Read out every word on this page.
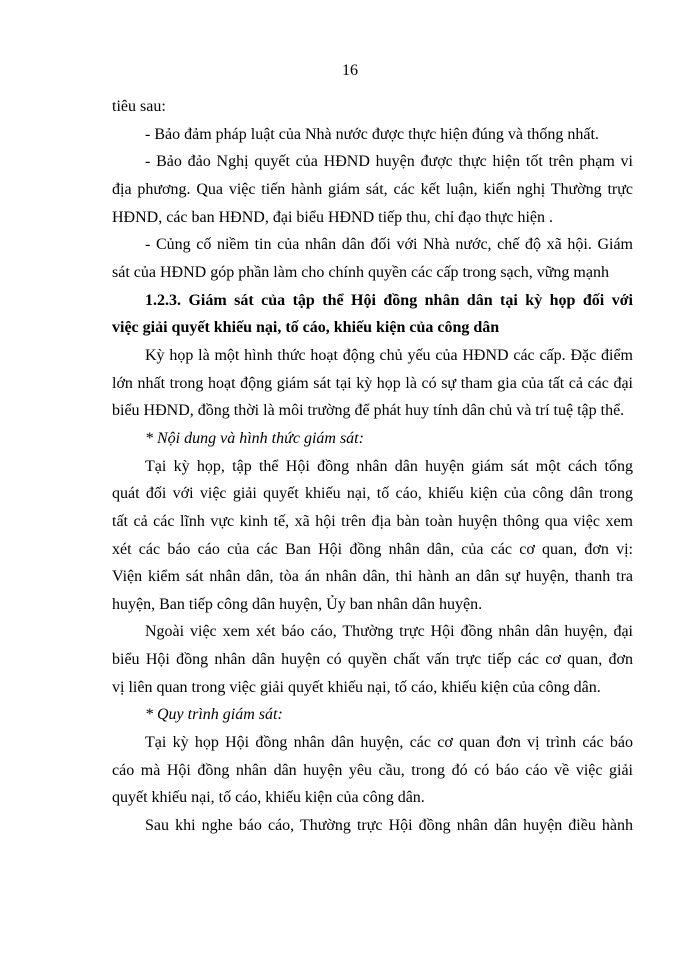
16
tiêu sau:
- Bảo đảm pháp luật của Nhà nước được thực hiện đúng và thống nhất.
- Bảo đảo Nghị quyết của HĐND huyện được thực hiện tốt trên phạm vi
địa phương. Qua việc tiến hành giám sát, các kết luận, kiến nghị Thường trực
HĐND, các ban HĐND, đại biểu HĐND tiếp thu, chỉ đạo thực hiện .
- Củng cố niềm tin của nhân dân đối với Nhà nước, chế độ xã hội. Giám
sát của HĐND góp phần làm cho chính quyền các cấp trong sạch, vững mạnh
1.2.3. Giám sát của tập thể Hội đồng nhân dân tại kỳ họp đối với
việc giải quyết khiếu nại, tố cáo, khiếu kiện của công dân
Kỳ họp là một hình thức hoạt động chủ yếu của HĐND các cấp. Đặc điểm
lớn nhất trong hoạt động giám sát tại kỳ họp là có sự tham gia của tất cả các đại
biểu HĐND, đồng thời là môi trường để phát huy tính dân chủ và trí tuệ tập thể.
* Nội dung và hình thức giám sát:
Tại kỳ họp, tập thể Hội đồng nhân dân huyện giám sát một cách tổng
quát đối với việc giải quyết khiếu nại, tố cáo, khiếu kiện của công dân trong
tất cả các lĩnh vực kinh tế, xã hội trên địa bàn toàn huyện thông qua việc xem
xét các báo cáo của các Ban Hội đồng nhân dân, của các cơ quan, đơn vị:
Viện kiểm sát nhân dân, tòa án nhân dân, thi hành an dân sự huyện, thanh tra
huyện, Ban tiếp công dân huyện, Ủy ban nhân dân huyện.
Ngoài việc xem xét báo cáo, Thường trực Hội đồng nhân dân huyện, đại
biểu Hội đồng nhân dân huyện có quyền chất vấn trực tiếp các cơ quan, đơn
vị liên quan trong việc giải quyết khiếu nại, tố cáo, khiếu kiện của công dân.
* Quy trình giám sát:
Tại kỳ họp Hội đồng nhân dân huyện, các cơ quan đơn vị trình các báo
cáo mà Hội đồng nhân dân huyện yêu cầu, trong đó có báo cáo về việc giải
quyết khiếu nại, tố cáo, khiếu kiện của công dân.
Sau khi nghe báo cáo, Thường trực Hội đồng nhân dân huyện điều hành
